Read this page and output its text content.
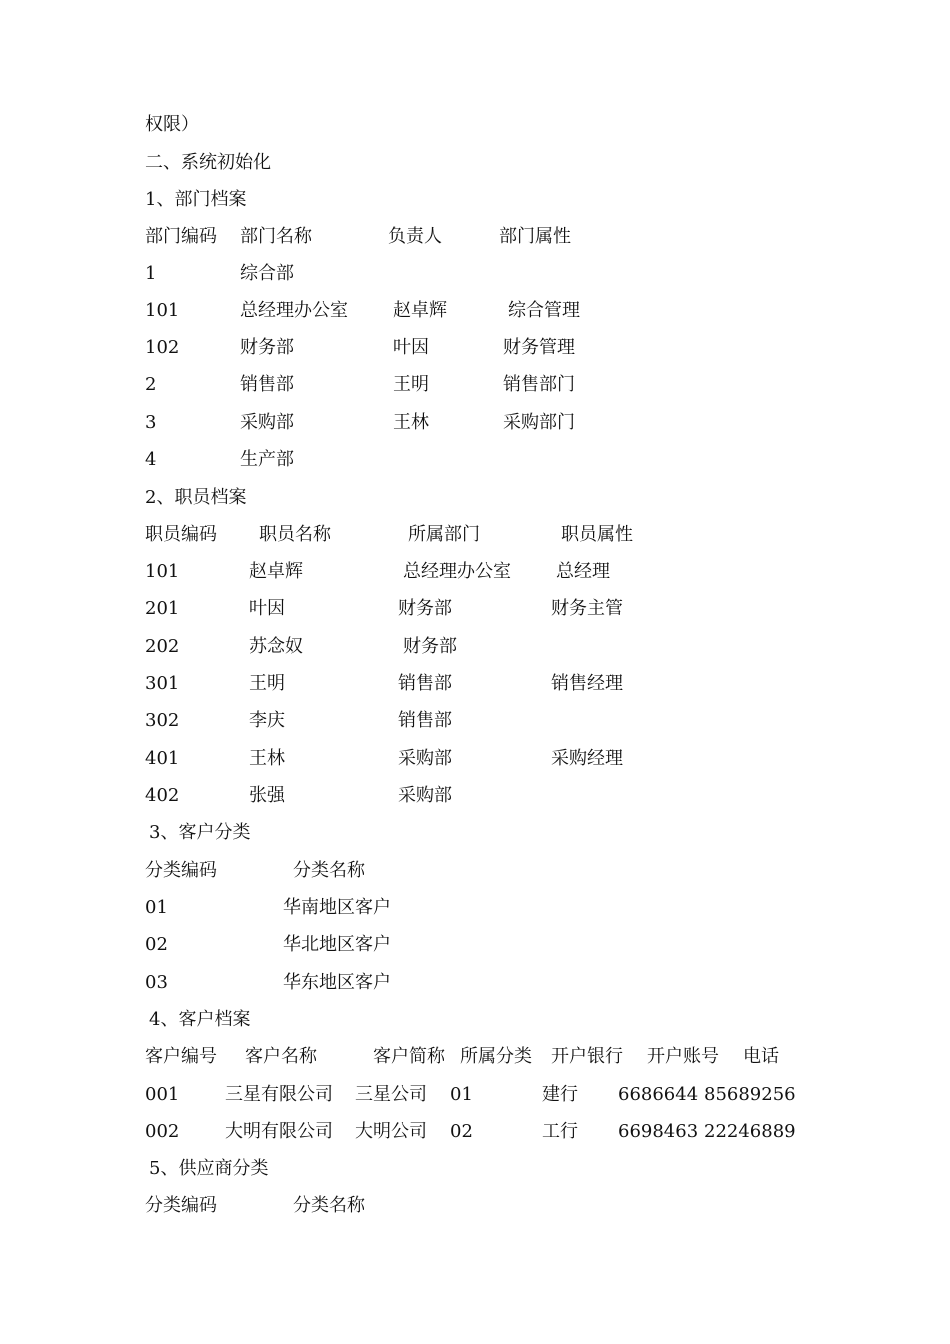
权限）
二、系统初始化
1、部门档案
部门编码 部门名称	负责人	部门属性
1	综合部
101	总经理办公室	赵卓辉	综合管理
102	财务部	叶因	财务管理
2	销售部	王明	销售部门
3	采购部	王林	采购部门
4	生产部
2、职员档案
职员编码 职员名称	所属部门	职员属性
101	赵卓辉	总经理办公室	总经理
201	叶因	财务部	财务主管
202	苏念奴	财务部
301	王明	销售部	销售经理
302	李庆	销售部
401	王林	采购部	采购经理
402	张强	采购部
3、客户分类
分类编码	分类名称
01	华南地区客户
02	华北地区客户
03	华东地区客户
4、客户档案
客户编号 客户名称	客户简称 所属分类 开户银行 开户账号 电话
001	三星有限公司 三星公司 01	建行 6686644 85689256
002	大明有限公司 大明公司 02	工行 6698463 22246889
5、供应商分类
分类编码	分类名称
